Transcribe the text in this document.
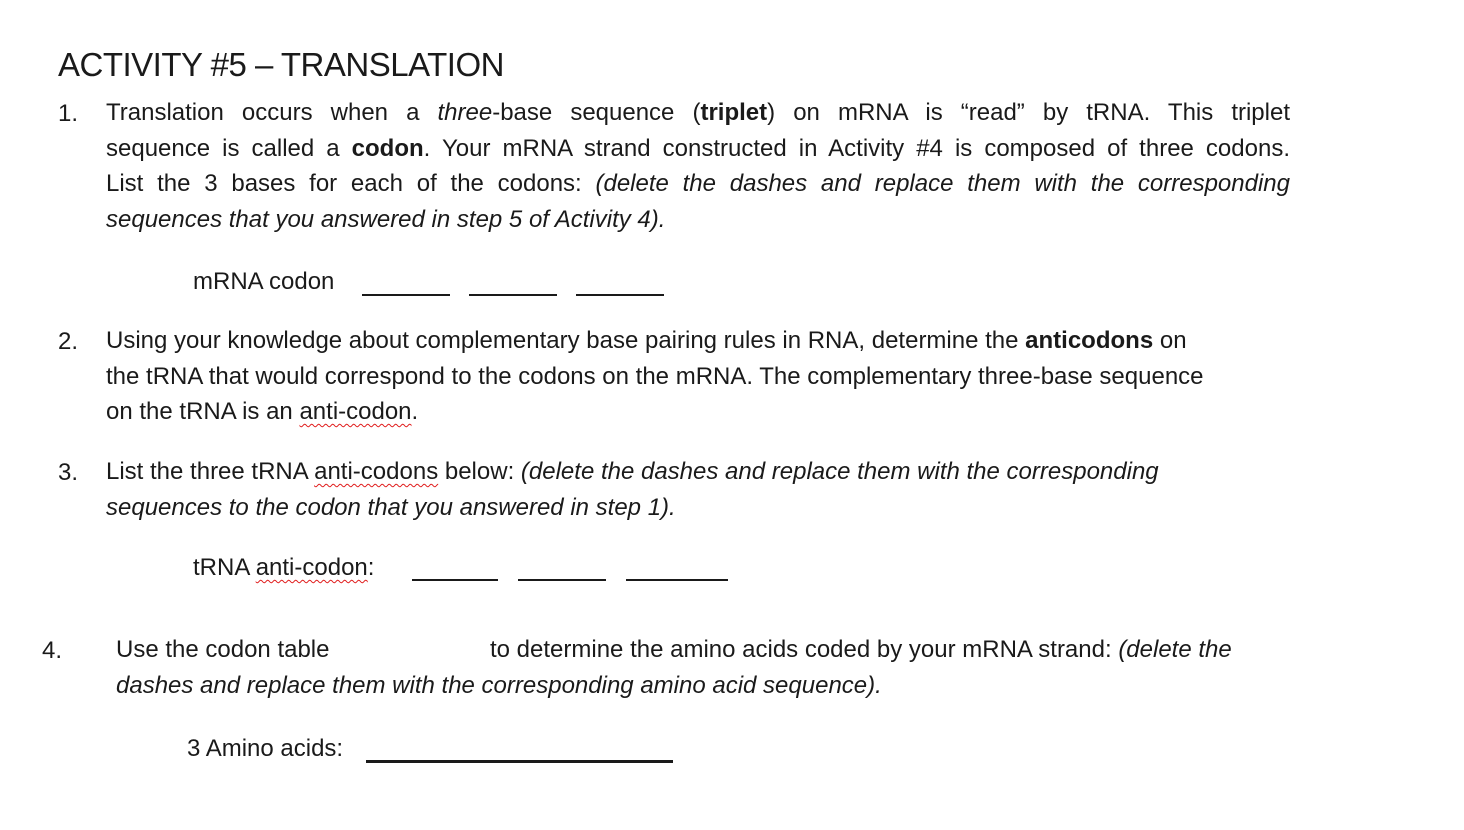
ACTIVITY #5 – TRANSLATION
1. Translation occurs when a three-base sequence (triplet) on mRNA is “read” by tRNA. This triplet
sequence is called a codon. Your mRNA strand constructed in Activity #4 is composed of three codons.
List the 3 bases for each of the codons: (delete the dashes and replace them with the corresponding
sequences that you answered in step 5 of Activity 4).
mRNA codon
2. Using your knowledge about complementary base pairing rules in RNA, determine the anticodons on
the tRNA that would correspond to the codons on the mRNA. The complementary three-base sequence
on the tRNA is an anti-codon.
3. List the three tRNA anti-codons below: (delete the dashes and replace them with the corresponding
sequences to the codon that you answered in step 1).
tRNA anti-codon:
4. Use the codon table	to determine the amino acids coded by your mRNA strand: (delete the
dashes and replace them with the corresponding amino acid sequence).
3 Amino acids:
